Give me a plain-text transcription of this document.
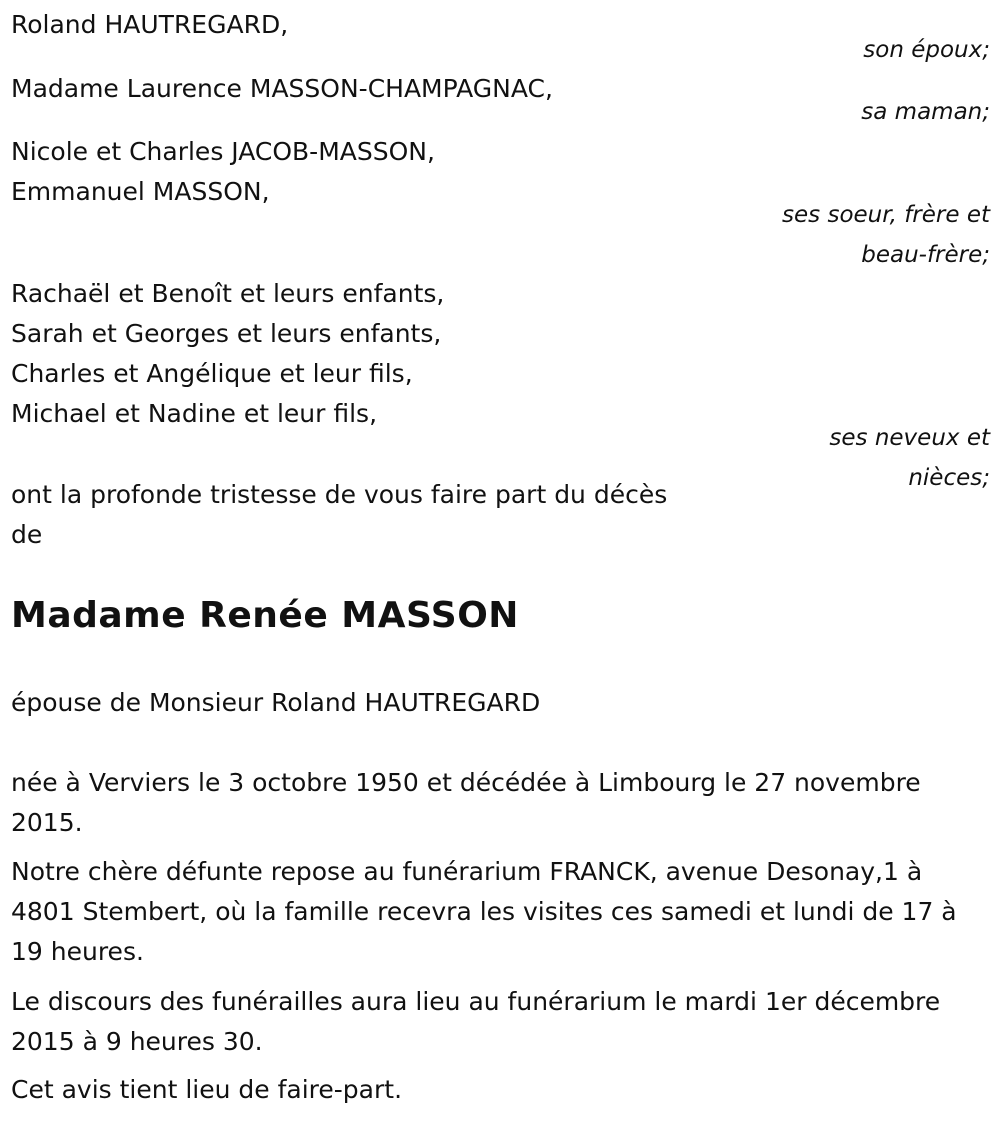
Roland HAUTREGARD,
son époux;
Madame Laurence MASSON-CHAMPAGNAC,
sa maman;
Nicole et Charles JACOB-MASSON,
Emmanuel MASSON,
ses soeur, frère et
beau-frère;
Rachaël et Benoît et leurs enfants,
Sarah et Georges et leurs enfants,
Charles et Angélique et leur fils,
Michael et Nadine et leur fils,
ses neveux et
nièces;
ont la profonde tristesse de vous faire part du décès
de
Madame Renée MASSON
épouse de Monsieur Roland HAUTREGARD
née à Verviers le 3 octobre 1950 et décédée à Limbourg le 27 novembre 2015.
Notre chère défunte repose au funérarium FRANCK, avenue Desonay,1 à 4801 Stembert, où la famille recevra les visites ces samedi et lundi de 17 à 19 heures.
Le discours des funérailles aura lieu au funérarium le mardi 1er décembre 2015 à 9 heures 30.
Cet avis tient lieu de faire-part.
